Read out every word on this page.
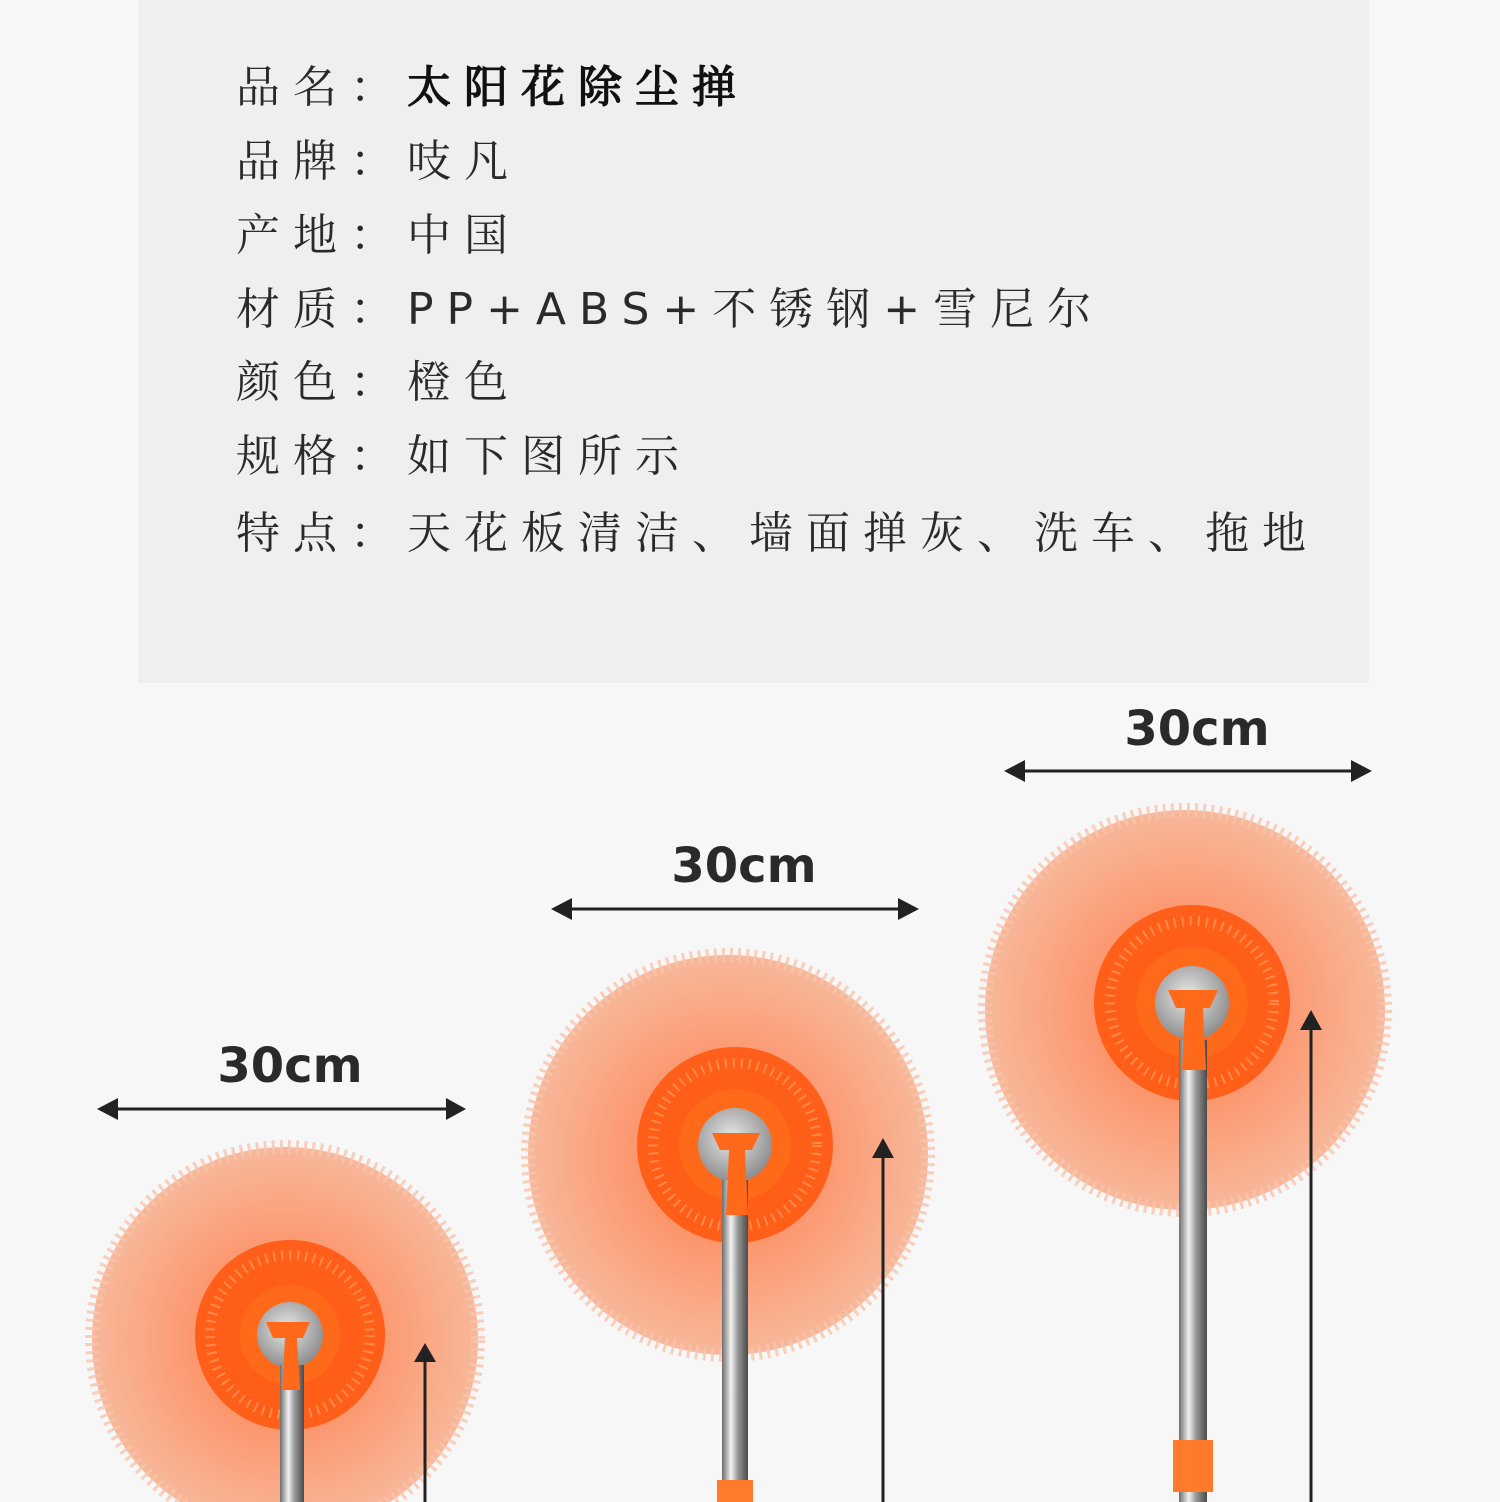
品名：太阳花除尘掸
品牌：吱凡
产地：中国
材质：PP+ABS+不锈钢+雪尼尔
颜色：橙色
规格：如下图所示
特点：天花板清洁、墙面掸灰、洗车、拖地
30cm
30cm
30cm
